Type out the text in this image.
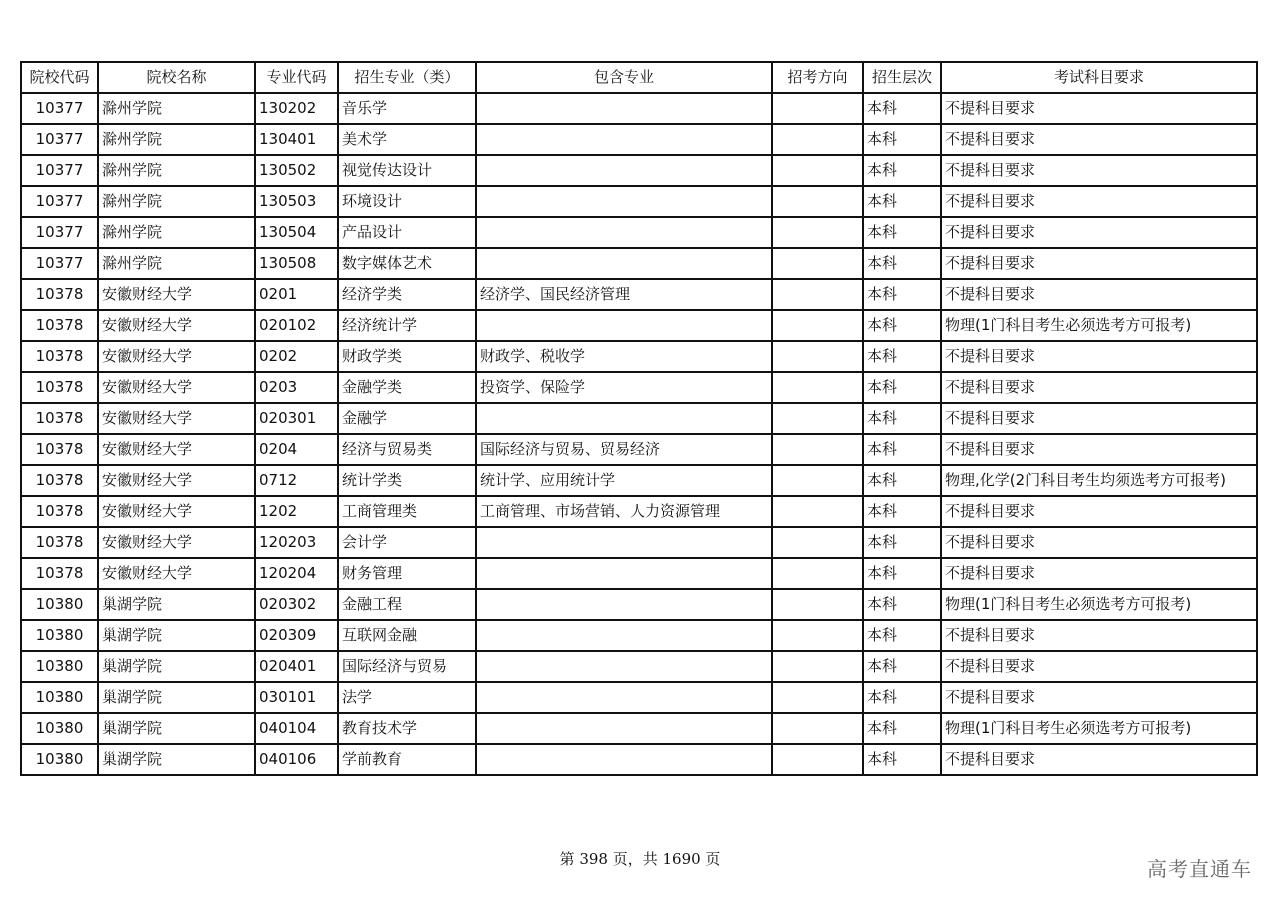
院校代码	院校名称	专业代码	招生专业（类）	包含专业	招考方向	招生层次	考试科目要求
10377	滁州学院	130202	音乐学			本科	不提科目要求
10377	滁州学院	130401	美术学			本科	不提科目要求
10377	滁州学院	130502	视觉传达设计			本科	不提科目要求
10377	滁州学院	130503	环境设计			本科	不提科目要求
10377	滁州学院	130504	产品设计			本科	不提科目要求
10377	滁州学院	130508	数字媒体艺术			本科	不提科目要求
10378	安徽财经大学	0201	经济学类	经济学、国民经济管理		本科	不提科目要求
10378	安徽财经大学	020102	经济统计学			本科	物理(1门科目考生必须选考方可报考)
10378	安徽财经大学	0202	财政学类	财政学、税收学		本科	不提科目要求
10378	安徽财经大学	0203	金融学类	投资学、保险学		本科	不提科目要求
10378	安徽财经大学	020301	金融学			本科	不提科目要求
10378	安徽财经大学	0204	经济与贸易类	国际经济与贸易、贸易经济		本科	不提科目要求
10378	安徽财经大学	0712	统计学类	统计学、应用统计学		本科	物理,化学(2门科目考生均须选考方可报考)
10378	安徽财经大学	1202	工商管理类	工商管理、市场营销、人力资源管理		本科	不提科目要求
10378	安徽财经大学	120203	会计学			本科	不提科目要求
10378	安徽财经大学	120204	财务管理			本科	不提科目要求
10380	巢湖学院	020302	金融工程			本科	物理(1门科目考生必须选考方可报考)
10380	巢湖学院	020309	互联网金融			本科	不提科目要求
10380	巢湖学院	020401	国际经济与贸易			本科	不提科目要求
10380	巢湖学院	030101	法学			本科	不提科目要求
10380	巢湖学院	040104	教育技术学			本科	物理(1门科目考生必须选考方可报考)
10380	巢湖学院	040106	学前教育			本科	不提科目要求
第 398 页，共 1690 页	高考直通车
